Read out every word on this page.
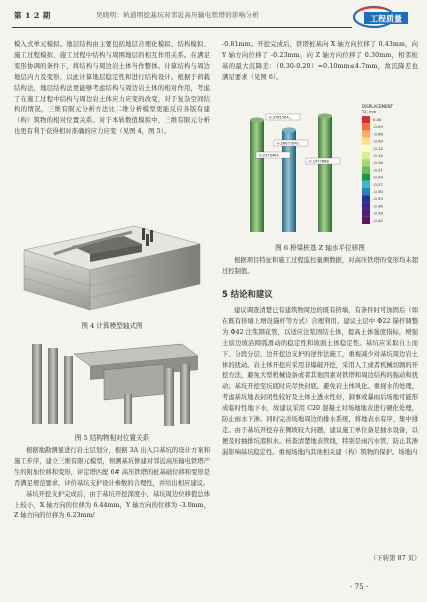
第 1 2 期	吴晓明：轨道明挖基坑对邻近高压输电铁塔的影响分析	工程质量

模入式单元模拟。地层结构由主要包括地层合理化模拟、结构模拟、施工过程模拟、施工过程中结构与周围地层的相互作用关系。在满足变形协调的条件下，将结构与周边岩土体当作整体。计算结构与周边地层内力及变形，以此计算地层稳定性和进行结构设计。根据于荷载结构法，地层结构法更能够考虑结构与周边岩土体的相对作用，考虑了在施工过程中结构与周边岩土体应力应变的改变，对于复杂空间结构的情况，三维有限元分析方法比二维分析模型更能反应各版有建（构）筑物的相对位置关系。对于本轨数值模拟中，三维有限元分析也更有利于获得相对准确的应力应变（见图 4，图 5）。

图 4 计算模型轴式图
图 5 结构物相对位置关系

根据地勘测显进行岩土层划分，根据 3A 出入口基坑的设计方案和施工步序，建立三维有限元模型，预测基坑修建对邻近高压输电铁塔产生的附加位移和变形，评定塔匹配 6# 高压铁塔的桩基础位移和变形是否满足规范要求，评价基坑支护设计参数的合理性，并给出相应建议。

基坑开挖支护完成后，由于基坑开挖深度小，基坑周边位移值总体上较小，X 轴方向的位移为 6.44mm，Y 轴方向的位移为 -3.0mm，Z 轴方向的位移为 6.23mm/

-0.81mm。开挖完成后，铁塔桩基向 X 轴方向位移了 0.43mm，向 Y 轴方向位移了 -0.23mm，向 Z 轴方向位移了 0.30mm，相邻桩基的最大沉降差：（0.30-0.20）=0.10mm≤4.7mm，故沉降差也满足要求（见图 6）。

-0.3781564...
-0.26671841
-0.2076464
-0.1977668
DISPLACEMENT
TZ, mm
0.00
-0.03
-0.06
-0.09
-0.12
-0.15
-0.18
-0.21
-0.24
-0.27
-0.30
-0.33
-0.36
-0.39
-0.42
图 6 桥梁桩基 Z 轴水平位移图

根据项目特征和施工过程监控量测数据，对高压铁塔的变形均未超过控制值。

5 结论和建议

建议调查清楚已有建筑物周边的既有挤墙，有条件时可加固后（如在既有挤墙上增设锚杆等方式）合理利用。建议土层中 Φ22 锚杆调整为 Φ42 注浆钢花管，以适应注浆固结土体，提高土体强度指标，增强土质边坡沿圆弧滑动的稳定性和坡面土体稳定性。基坑应采取自上而下、分段分层、边开挖边支护的逆作法施工，重视减少对基坑周边岩土体的扰动。岩土体开挖应采用非爆破开挖，采用人工或者机械切割的开挖方法，避免大型机械设备或者其他因素对铁塔和周边结构的振动和扰动；基坑开挖至坑底时应尽快封底，避免岩土体风化。重视水的处理，考虑基坑地表封闭性较好及土体土透水性好，洞事或暴雨后场地可能形成临时性地下水，故建议采用 C20 混凝土对场地地表进行硬化处理，防止雨水下渗。同时完善场地周边的排水系统，将地表水有序、集中排走。由于基坑开挖存在侧坡较大问题，建议施工单位备足抽水设备，以便及时抽排坑底积水。核查清楚地表管线，特别是雨污水管，防止其渗漏影响基坑稳定性。重视场地内其他相关建（构）筑物的保护。场地内

（下转第 87 页）
· 75 ·
